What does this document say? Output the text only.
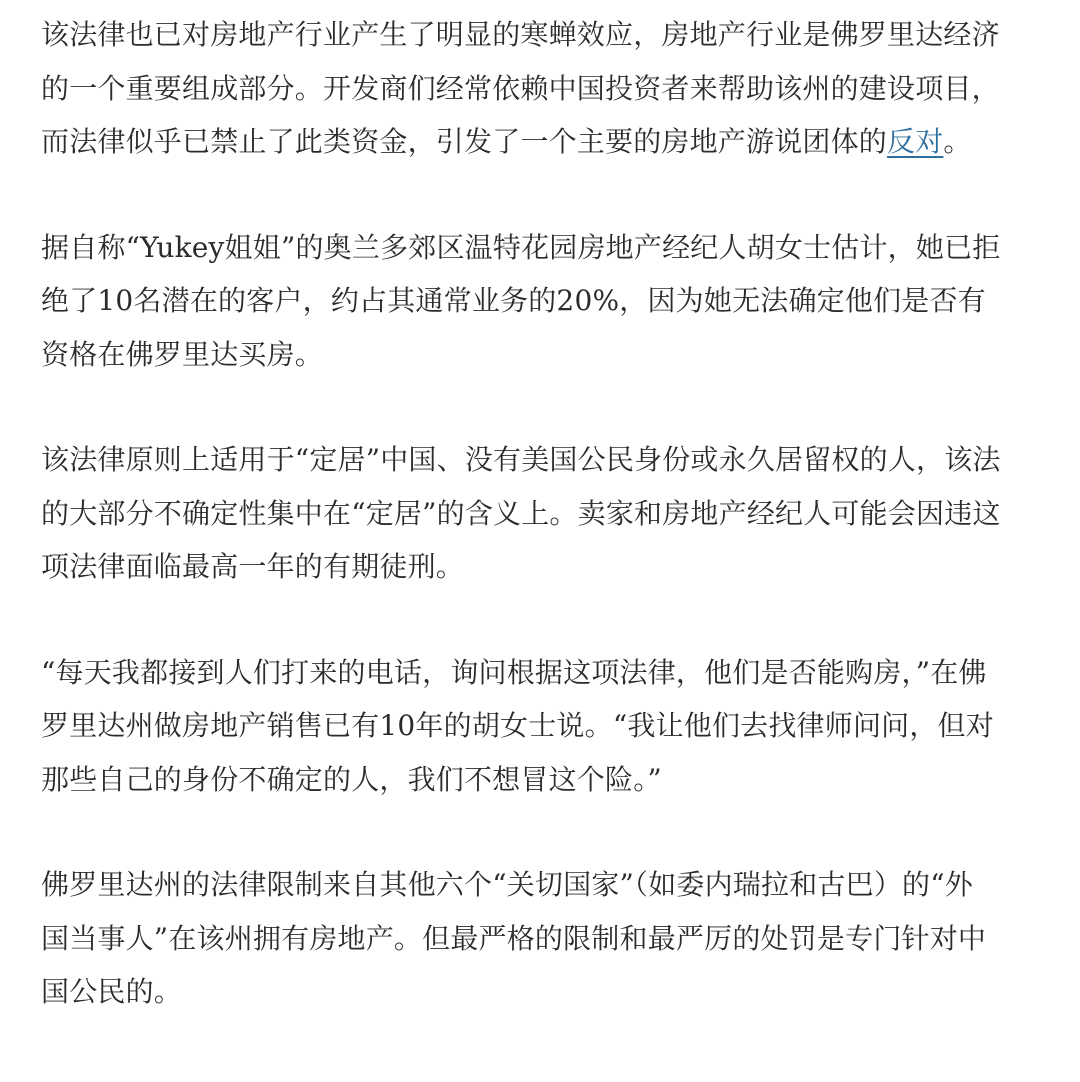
该法律也已对房地产行业产生了明显的寒蝉效应，房地产行业是佛罗里达经济的一个重要组成部分。开发商们经常依赖中国投资者来帮助该州的建设项目，而法律似乎已禁止了此类资金，引发了一个主要的房地产游说团体的反对。

据自称“Yukey姐姐”的奥兰多郊区温特花园房地产经纪人胡女士估计，她已拒绝了10名潜在的客户，约占其通常业务的20%，因为她无法确定他们是否有资格在佛罗里达买房。

该法律原则上适用于“定居”中国、没有美国公民身份或永久居留权的人，该法的大部分不确定性集中在“定居”的含义上。卖家和房地产经纪人可能会因违这项法律面临最高一年的有期徒刑。

“每天我都接到人们打来的电话，询问根据这项法律，他们是否能购房，”在佛罗里达州做房地产销售已有10年的胡女士说。“我让他们去找律师问问，但对那些自己的身份不确定的人，我们不想冒这个险。”

佛罗里达州的法律限制来自其他六个“关切国家”（如委内瑞拉和古巴）的“外国当事人”在该州拥有房地产。但最严格的限制和最严厉的处罚是专门针对中国公民的。
